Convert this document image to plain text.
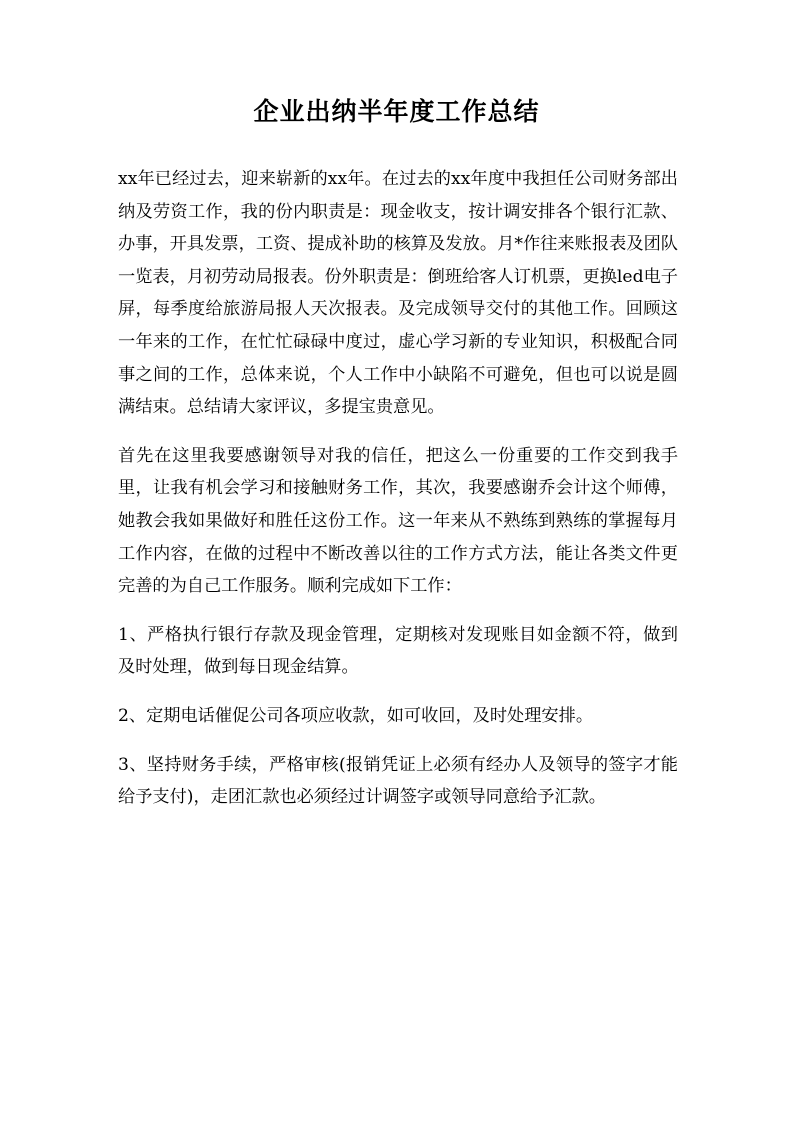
企业出纳半年度工作总结

xx年已经过去，迎来崭新的xx年。在过去的xx年度中我担任公司财务部出纳及劳资工作，我的份内职责是：现金收支，按计调安排各个银行汇款、办事，开具发票，工资、提成补助的核算及发放。月*作往来账报表及团队一览表，月初劳动局报表。份外职责是：倒班给客人订机票，更换led电子屏，每季度给旅游局报人天次报表。及完成领导交付的其他工作。回顾这一年来的工作，在忙忙碌碌中度过，虚心学习新的专业知识，积极配合同事之间的工作，总体来说，个人工作中小缺陷不可避免，但也可以说是圆满结束。总结请大家评议，多提宝贵意见。

首先在这里我要感谢领导对我的信任，把这么一份重要的工作交到我手里，让我有机会学习和接触财务工作，其次，我要感谢乔会计这个师傅，她教会我如果做好和胜任这份工作。这一年来从不熟练到熟练的掌握每月工作内容，在做的过程中不断改善以往的工作方式方法，能让各类文件更完善的为自己工作服务。顺利完成如下工作：

1、严格执行银行存款及现金管理，定期核对发现账目如金额不符，做到及时处理，做到每日现金结算。

2、定期电话催促公司各项应收款，如可收回，及时处理安排。

3、坚持财务手续，严格审核(报销凭证上必须有经办人及领导的签字才能给予支付)，走团汇款也必须经过计调签字或领导同意给予汇款。
